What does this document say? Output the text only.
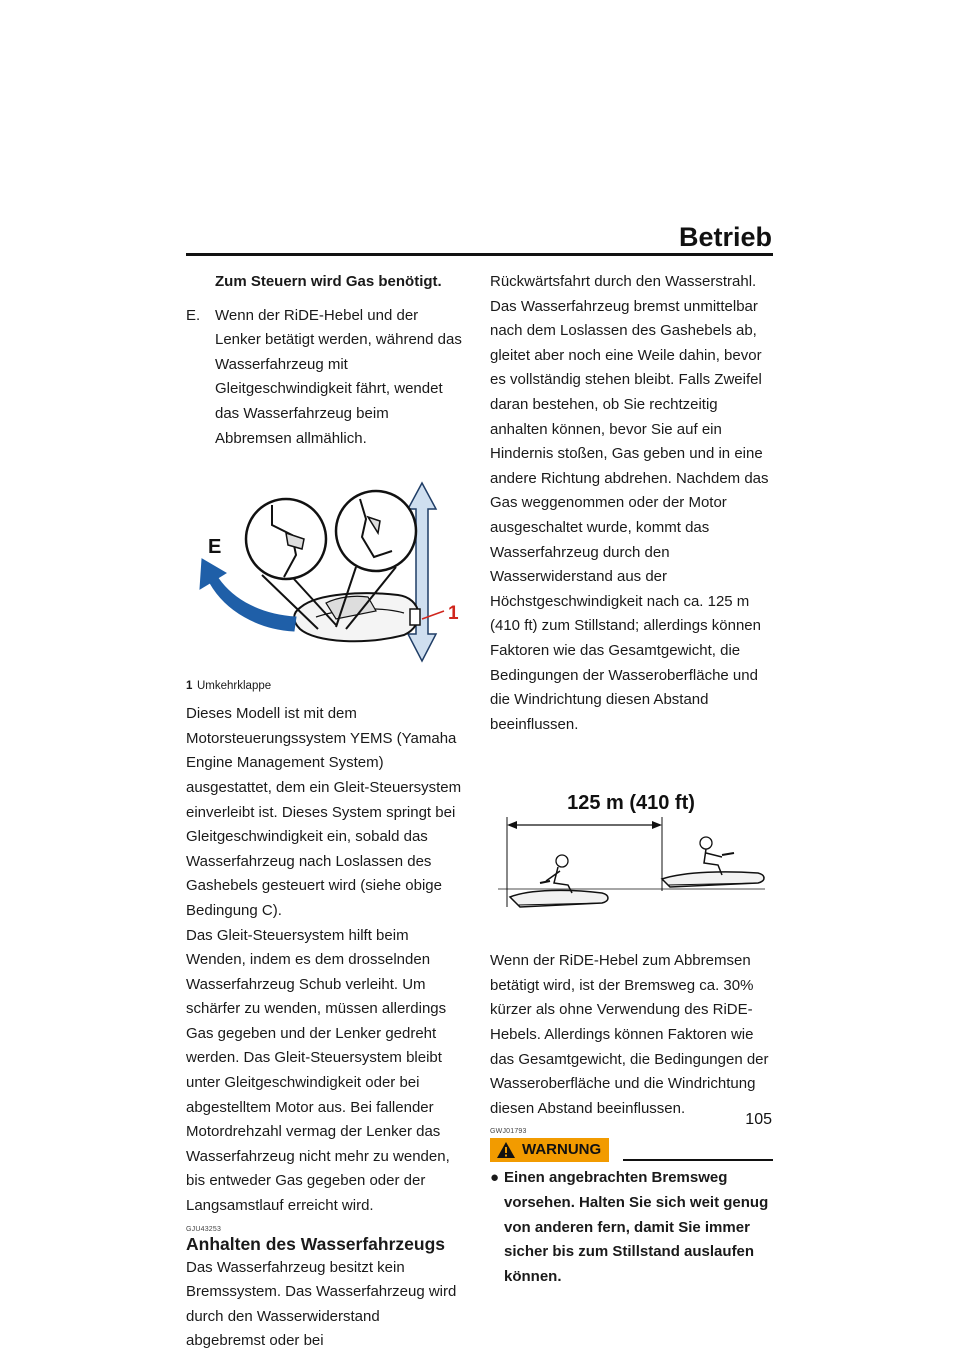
Betrieb

Zum Steuern wird Gas benötigt.

E. Wenn der RiDE-Hebel und der Lenker betätigt werden, während das Wasserfahrzeug mit Gleitgeschwindigkeit fährt, wendet das Wasserfahrzeug beim Abbremsen allmählich.

E
1

1 Umkehrklappe

Dieses Modell ist mit dem Motorsteuerungssystem YEMS (Yamaha Engine Management System) ausgestattet, dem ein Gleit-Steuersystem einverleibt ist. Dieses System springt bei Gleitgeschwindigkeit ein, sobald das Wasserfahrzeug nach Loslassen des Gashebels gesteuert wird (siehe obige Bedingung C).

Das Gleit-Steuersystem hilft beim Wenden, indem es dem drosselnden Wasserfahrzeug Schub verleiht. Um schärfer zu wenden, müssen allerdings Gas gegeben und der Lenker gedreht werden. Das Gleit-Steuersystem bleibt unter Gleitgeschwindigkeit oder bei abgestelltem Motor aus. Bei fallender Motordrehzahl vermag der Lenker das Wasserfahrzeug nicht mehr zu wenden, bis entweder Gas gegeben oder der Langsamstlauf erreicht wird.

GJU43253

Anhalten des Wasserfahrzeugs

Das Wasserfahrzeug besitzt kein Bremssystem. Das Wasserfahrzeug wird durch den Wasserwiderstand abgebremst oder bei

Rückwärtsfahrt durch den Wasserstrahl. Das Wasserfahrzeug bremst unmittelbar nach dem Loslassen des Gashebels ab, gleitet aber noch eine Weile dahin, bevor es vollständig stehen bleibt. Falls Zweifel daran bestehen, ob Sie rechtzeitig anhalten können, bevor Sie auf ein Hindernis stoßen, Gas geben und in eine andere Richtung abdrehen. Nachdem das Gas weggenommen oder der Motor ausgeschaltet wurde, kommt das Wasserfahrzeug durch den Wasserwiderstand aus der Höchstgeschwindigkeit nach ca. 125 m (410 ft) zum Stillstand; allerdings können Faktoren wie das Gesamtgewicht, die Bedingungen der Wasseroberfläche und die Windrichtung diesen Abstand beeinflussen.

125 m (410 ft)

Wenn der RiDE-Hebel zum Abbremsen betätigt wird, ist der Bremsweg ca. 30% kürzer als ohne Verwendung des RiDE-Hebels. Allerdings können Faktoren wie das Gesamtgewicht, die Bedingungen der Wasseroberfläche und die Windrichtung diesen Abstand beeinflussen.

GWJ01793

WARNUNG

● Einen angebrachten Bremsweg vorsehen. Halten Sie sich weit genug von anderen fern, damit Sie immer sicher bis zum Stillstand auslaufen können.

105
